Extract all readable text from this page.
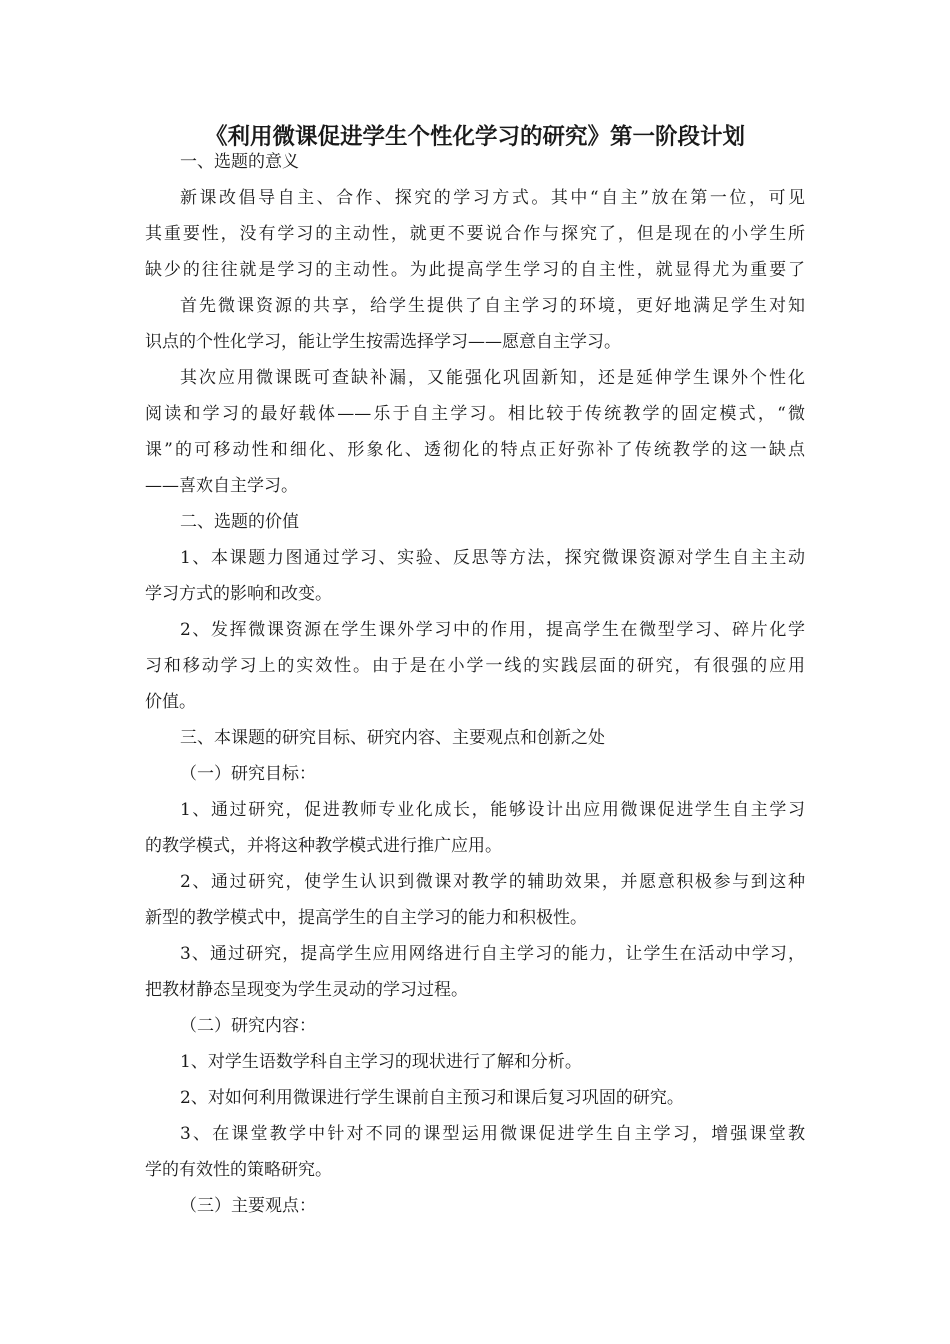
《利用微课促进学生个性化学习的研究》第一阶段计划
一、选题的意义
新课改倡导自主、合作、探究的学习方式。其中“自主”放在第一位，可见
其重要性，没有学习的主动性，就更不要说合作与探究了，但是现在的小学生所
缺少的往往就是学习的主动性。为此提高学生学习的自主性，就显得尤为重要了
首先微课资源的共享，给学生提供了自主学习的环境，更好地满足学生对知
识点的个性化学习，能让学生按需选择学习——愿意自主学习。
其次应用微课既可查缺补漏，又能强化巩固新知，还是延伸学生课外个性化
阅读和学习的最好载体——乐于自主学习。相比较于传统教学的固定模式，“微
课”的可移动性和细化、形象化、透彻化的特点正好弥补了传统教学的这一缺点
——喜欢自主学习。
二、选题的价值
1、本课题力图通过学习、实验、反思等方法，探究微课资源对学生自主主动
学习方式的影响和改变。
2、发挥微课资源在学生课外学习中的作用，提高学生在微型学习、碎片化学
习和移动学习上的实效性。由于是在小学一线的实践层面的研究，有很强的应用
价值。
三、本课题的研究目标、研究内容、主要观点和创新之处
（一）研究目标：
1、通过研究，促进教师专业化成长，能够设计出应用微课促进学生自主学习
的教学模式，并将这种教学模式进行推广应用。
2、通过研究，使学生认识到微课对教学的辅助效果，并愿意积极参与到这种
新型的教学模式中，提高学生的自主学习的能力和积极性。
3、通过研究，提高学生应用网络进行自主学习的能力，让学生在活动中学习，
把教材静态呈现变为学生灵动的学习过程。
（二）研究内容：
1、对学生语数学科自主学习的现状进行了解和分析。
2、对如何利用微课进行学生课前自主预习和课后复习巩固的研究。
3、在课堂教学中针对不同的课型运用微课促进学生自主学习，增强课堂教
学的有效性的策略研究。
（三）主要观点：
